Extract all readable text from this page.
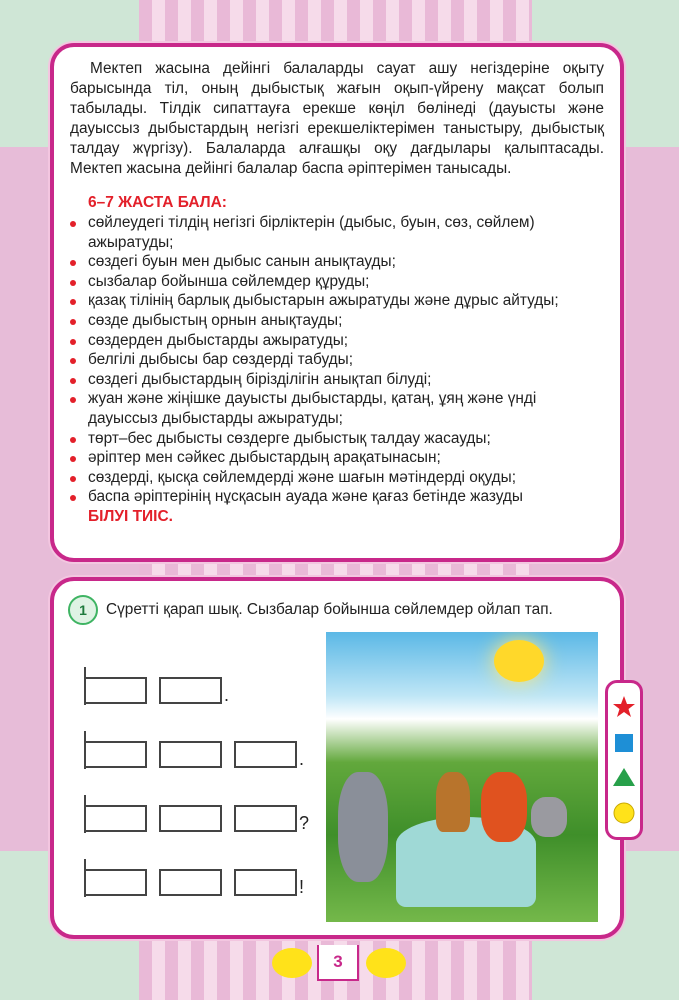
Мектеп жасына дейінгі балаларды сауат ашу негіздеріне оқыту барысында тіл, оның дыбыстық жағын оқып-үйрену мақсат болып табылады. Тілдік сипаттауға ерекше көңіл бөлінеді (дауысты және дауыссыз дыбыстардың негізгі ерекшеліктерімен таныстыру, дыбыстық талдау жүргізу). Балаларда алғашқы оқу дағдылары қалыптасады. Мектеп жасына дейінгі балалар баспа әріптерімен танысады.

6–7 ЖАСТА БАЛА:
сөйлеудегі тілдің негізгі бірліктерін (дыбыс, буын, сөз, сөйлем) ажыратуды;
сөздегі буын мен дыбыс санын анықтауды;
сызбалар бойынша сөйлемдер құруды;
қазақ тілінің барлық дыбыстарын ажыратуды және дұрыс айтуды;
сөзде дыбыстың орнын анықтауды;
сөздерден дыбыстарды ажыратуды;
белгілі дыбысы бар сөздерді табуды;
сөздегі дыбыстардың бірізділігін анықтап білуді;
жуан және жіңішке дауысты дыбыстарды, қатаң, ұяң және үнді дауыссыз дыбыстарды ажыратуды;
төрт–бес дыбысты сөздерге дыбыстық талдау жасауды;
әріптер мен сәйкес дыбыстардың арақатынасын;
сөздерді, қысқа сөйлемдерді және шағын мәтіндерді оқуды;
баспа әріптерінің нұсқасын ауада және қағаз бетінде жазуды
БІЛУІ ТИІС.
1	Сүретті қарап шық. Сызбалар бойынша сөйлемдер ойлап тап.
.
.
?
!
3
